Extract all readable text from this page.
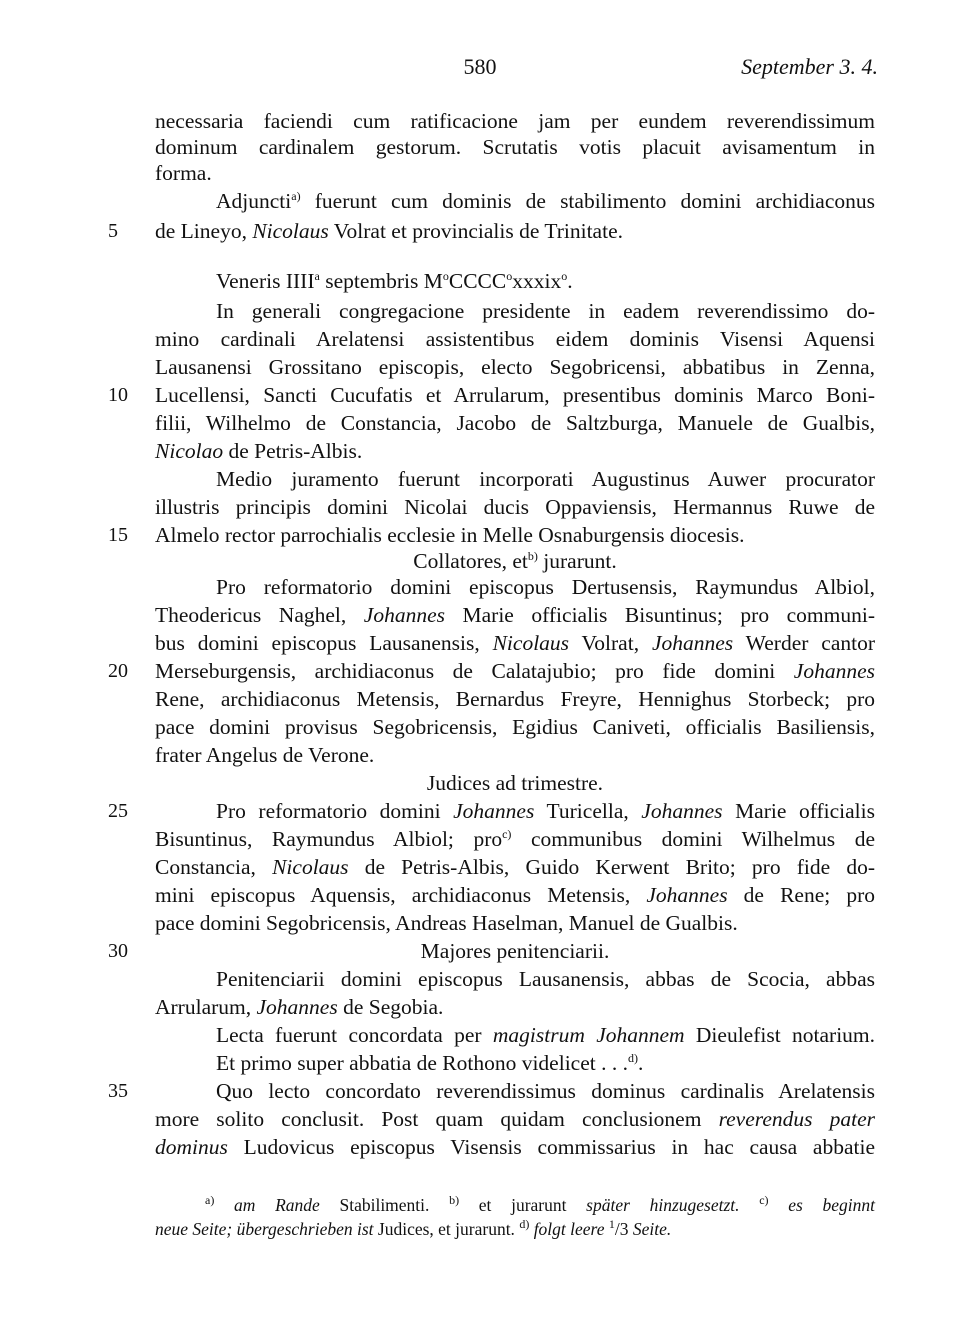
580	September 3. 4.
necessaria faciendi cum ratificacione jam per eundem reverendissimum
dominum cardinalem gestorum. Scrutatis votis placuit avisamentum in
forma.
Adjuncti$^{a)}$ fuerunt cum dominis de stabilimento domini archidiaconus
5	de Lineyo, Nicolaus Volrat et provincialis de Trinitate.
Veneris IIII$^a$ septembris $M^oCCCC^oxxxix^o$.
In generali congregacione presidente in eadem reverendissimo do-
mino cardinali Arelatensi assistentibus eidem dominis Visensi Aquensi
Lausanensi Grossitano episcopis, electo Segobricensi, abbatibus in Zenna,
10	Lucellensi, Sancti Cucufatis et Arrularum, presentibus dominis Marco Boni-
filii, Wilhelmo de Constancia, Jacobo de Saltzburga, Manuele de Gualbis,
Nicolao de Petris-Albis.
Medio juramento fuerunt incorporati Augustinus Auwer procurator
illustris principis domini Nicolai ducis Oppaviensis, Hermannus Ruwe de
15	Almelo rector parrochialis ecclesie in Melle Osnaburgensis diocesis.
Collatores, $et^{b)}$ jurarunt.
Pro reformatorio domini episcopus Dertusensis, Raymundus Albiol,
Theodericus Naghel, Johannes Marie officialis Bisuntinus; pro communi-
bus domini episcopus Lausanensis, Nicolaus Volrat, Johannes Werder cantor
20	Merseburgensis, archidiaconus de Calatajubio; pro fide domini Johannes
Rene, archidiaconus Metensis, Bernardus Freyre, Hennighus Storbeck; pro
pace domini provisus Segobricensis, Egidius Caniveti, officialis Basiliensis,
frater Angelus de Verone.
Judices ad trimestre.
25	Pro reformatorio domini Johannes Turicella, Johannes Marie officialis
Bisuntinus, Raymundus Albiol; pro$^{c)}$ communibus domini Wilhelmus de
Constancia, Nicolaus de Petris-Albis, Guido Kerwent Brito; pro fide do-
mini episcopus Aquensis, archidiaconus Metensis, Johannes de Rene; pro
pace domini Segobricensis, Andreas Haselman, Manuel de Gualbis.
30	Majores penitenciarii.
Penitenciarii domini episcopus Lausanensis, abbas de Scocia, abbas
Arrularum, Johannes de Segobia.
Lecta fuerunt concordata per magistrum Johannem Dieulefist notarium.
Et primo super abbatia de Rothono videlicet . . .$^{d)}$.
35	Quo lecto concordato reverendissimus dominus cardinalis Arelatensis
more solito conclusit. Post quam quidam conclusionem reverendus pater
dominus Ludovicus episcopus Visensis commissarius in hac causa abbatie
$^{a)}$ am Rande Stabilimenti. $^{b)}$ et jurarunt später hinzugesetzt. $^{c)}$ es beginnt
neue Seite; übergeschrieben ist Judices, et jurarunt. $^{d)}$ folgt leere $^1$/3 Seite.
